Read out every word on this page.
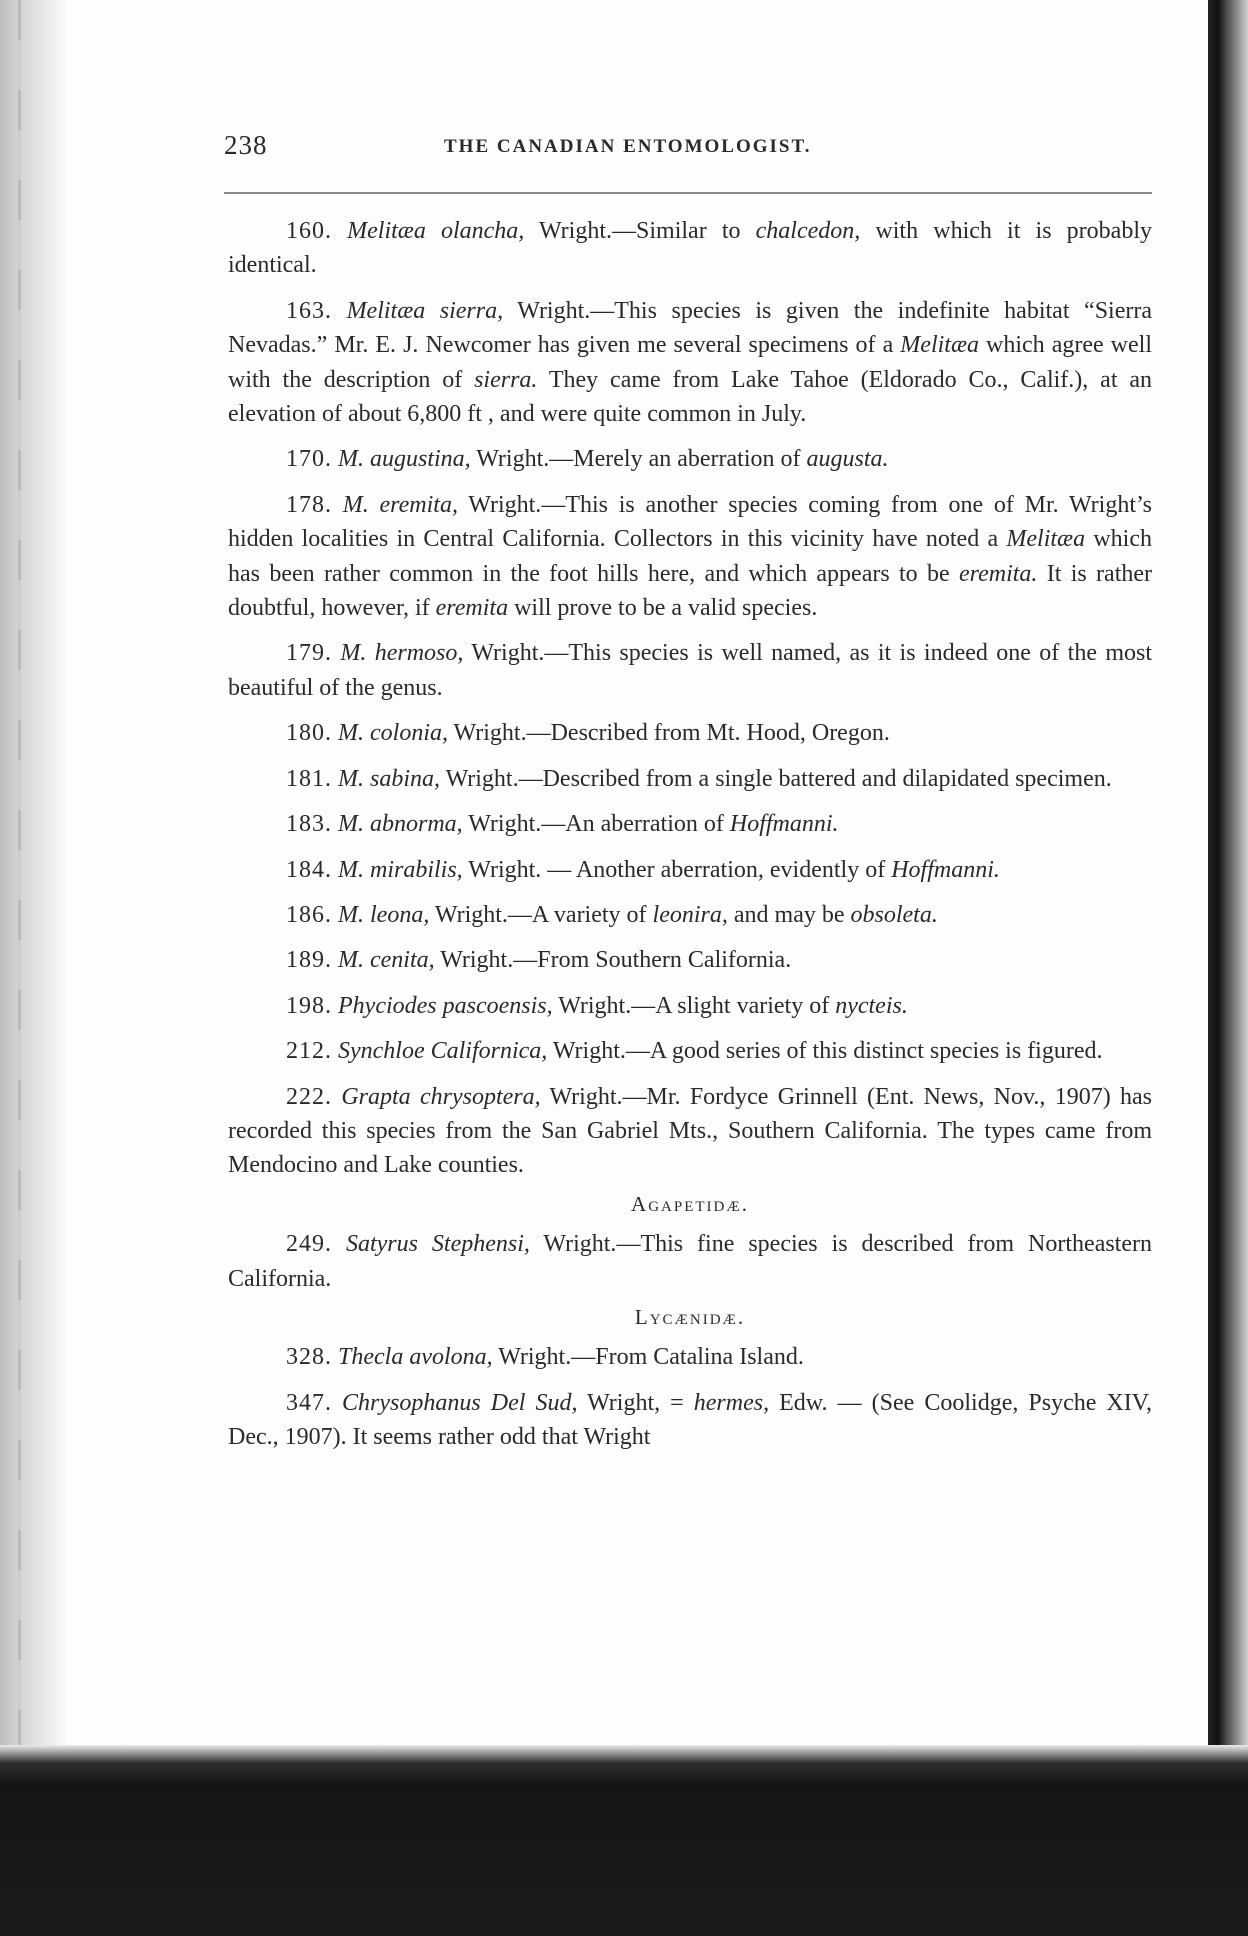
238	THE CANADIAN ENTOMOLOGIST.

160. Melitæa olancha, Wright.—Similar to chalcedon, with which it is probably identical.

163. Melitæa sierra, Wright.—This species is given the indefinite habitat “Sierra Nevadas.” Mr. E. J. Newcomer has given me several specimens of a Melitæa which agree well with the description of sierra. They came from Lake Tahoe (Eldorado Co., Calif.), at an elevation of about 6,800 ft , and were quite common in July.

170. M. augustina, Wright.—Merely an aberration of augusta.

178. M. eremita, Wright.—This is another species coming from one of Mr. Wright’s hidden localities in Central California. Collectors in this vicinity have noted a Melitæa which has been rather common in the foot hills here, and which appears to be eremita. It is rather doubtful, however, if eremita will prove to be a valid species.

179. M. hermoso, Wright.—This species is well named, as it is indeed one of the most beautiful of the genus.

180. M. colonia, Wright.—Described from Mt. Hood, Oregon.

181. M. sabina, Wright.—Described from a single battered and dilapidated specimen.

183. M. abnorma, Wright.—An aberration of Hoffmanni.

184. M. mirabilis, Wright. — Another aberration, evidently of Hoffmanni.

186. M. leona, Wright.—A variety of leonira, and may be obsoleta.

189. M. cenita, Wright.—From Southern California.

198. Phyciodes pascoensis, Wright.—A slight variety of nycteis.

212. Synchloe Californica, Wright.—A good series of this distinct species is figured.

222. Grapta chrysoptera, Wright.—Mr. Fordyce Grinnell (Ent. News, Nov., 1907) has recorded this species from the San Gabriel Mts., Southern California. The types came from Mendocino and Lake counties.

Agapetidæ.

249. Satyrus Stephensi, Wright.—This fine species is described from Northeastern California.

Lycænidæ.

328. Thecla avolona, Wright.—From Catalina Island.

347. Chrysophanus Del Sud, Wright, = hermes, Edw. — (See Coolidge, Psyche XIV, Dec., 1907). It seems rather odd that Wright
